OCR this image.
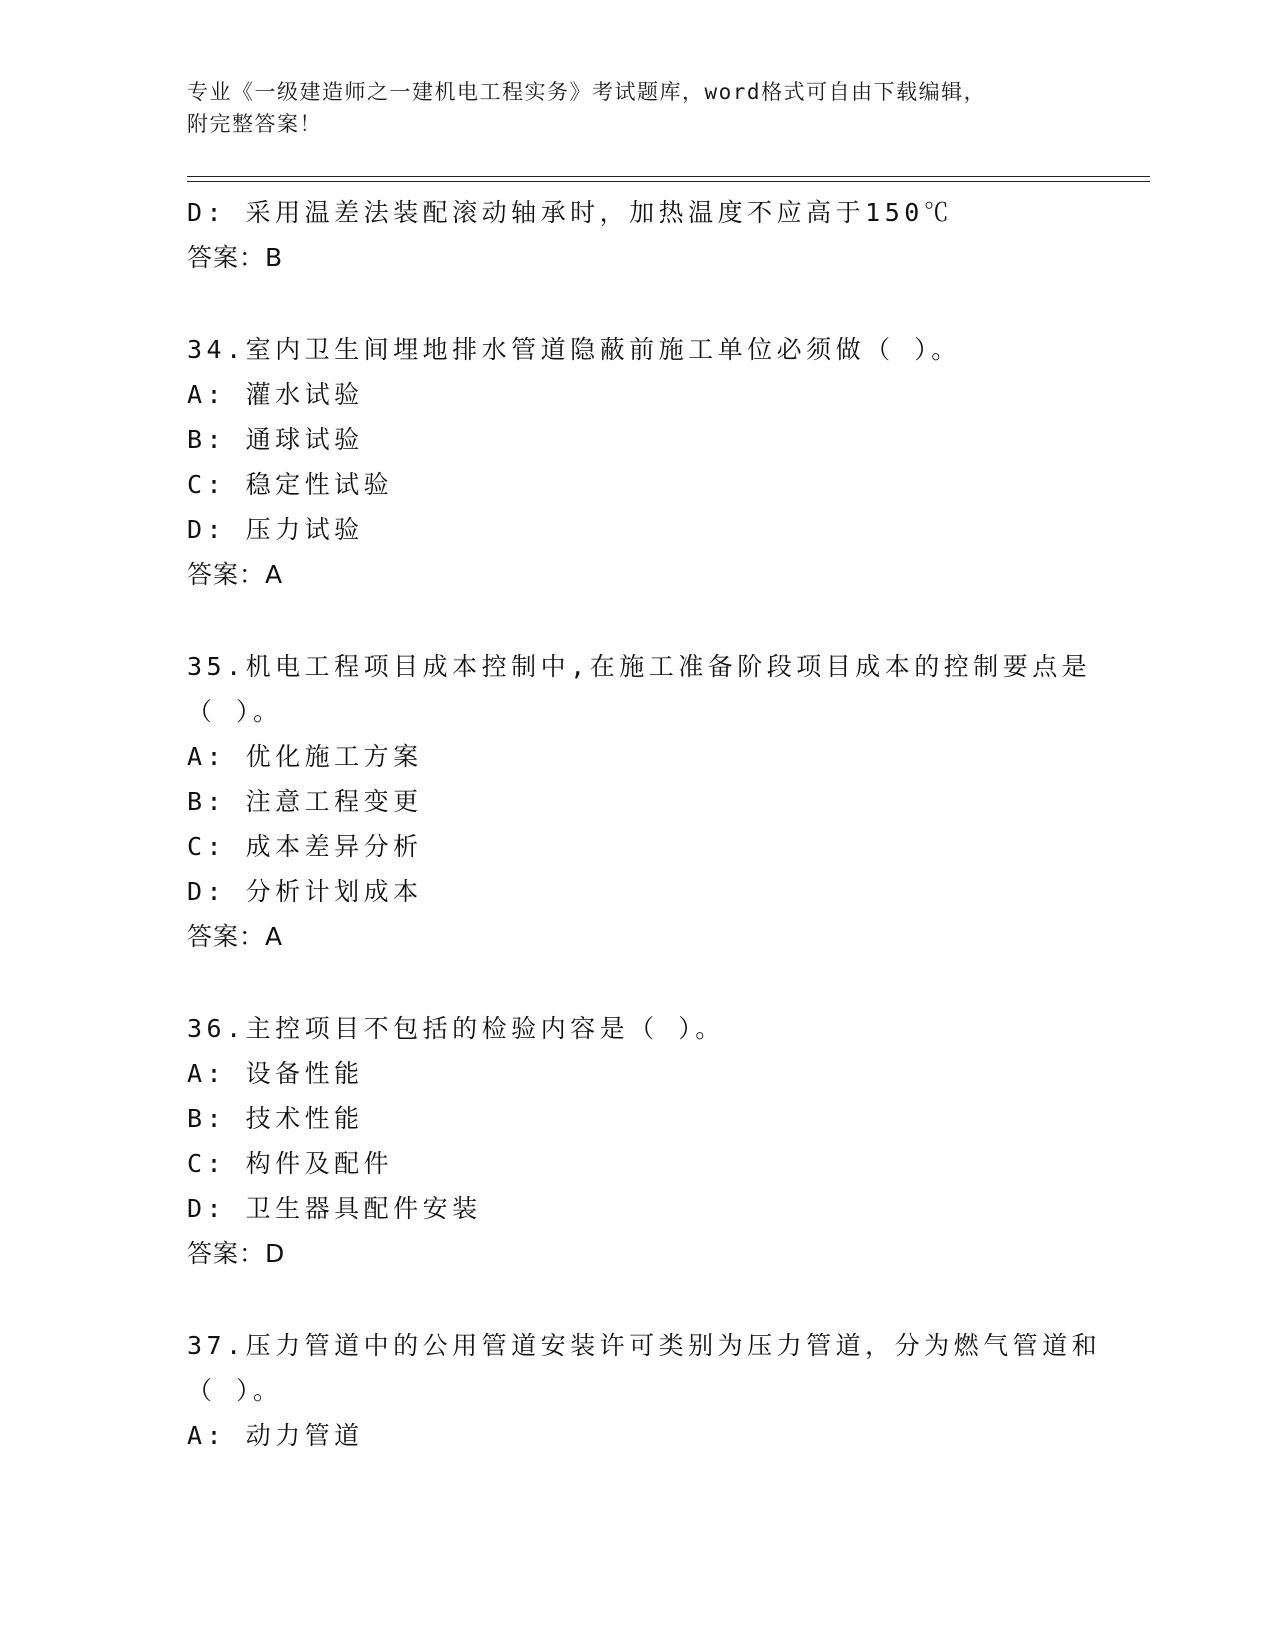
专业《一级建造师之一建机电工程实务》考试题库，word格式可自由下载编辑，
附完整答案！
D: 采用温差法装配滚动轴承时，加热温度不应高于150℃
答案：B
34.室内卫生间埋地排水管道隐蔽前施工单位必须做（ ）。
A: 灌水试验
B: 通球试验
C: 稳定性试验
D: 压力试验
答案：A
35.机电工程项目成本控制中,在施工准备阶段项目成本的控制要点是
（ ）。
A: 优化施工方案
B: 注意工程变更
C: 成本差异分析
D: 分析计划成本
答案：A
36.主控项目不包括的检验内容是（ ）。
A: 设备性能
B: 技术性能
C: 构件及配件
D: 卫生器具配件安装
答案：D
37.压力管道中的公用管道安装许可类别为压力管道，分为燃气管道和
（ ）。
A: 动力管道
